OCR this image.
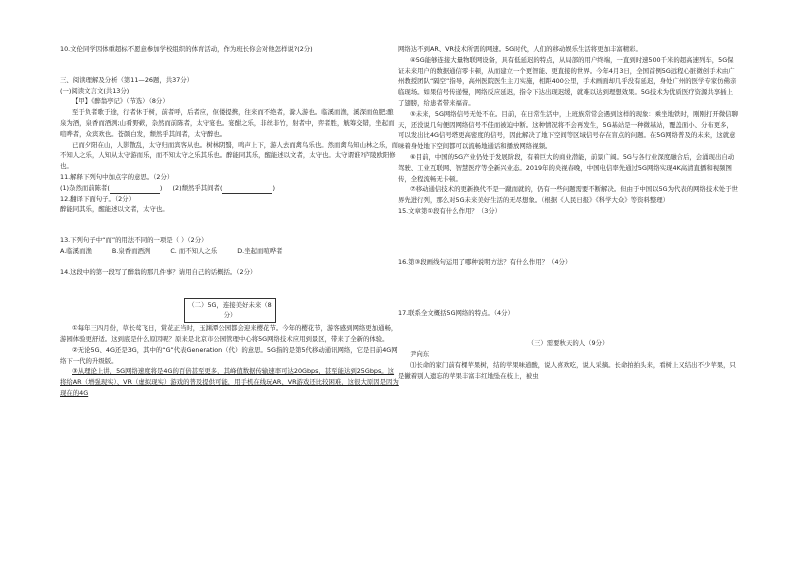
10.文伦同学因体重超标不愿意参加学校组织的体育活动，作为班长你会对他怎样说?(2分)

三、阅读理解及分析（第11—26题，共37分）

(一)阅读文言文(共13分)

【甲】《醉翁亭记》（节选）（8分）

至于负者歌于途，行者休于树，前者呼，后者应，伛偻提携，往来而不绝者，滁人游也。临溪而渔，溪深而鱼肥;酿泉为酒，泉香而酒洌;山肴野蔌，杂然而前陈者，太守宴也。宴酣之乐，非丝非竹，射者中，弈者胜，觥筹交错，坐起而喧哗者，众宾欢也。苍颜白发，颓然乎其间者，太守醉也。

已而夕阳在山，人影散乱，太守归而宾客从也。树林阴翳，鸣声上下，游人去而禽鸟乐也。然而禽鸟知山林之乐，而不知人之乐，人知从太守游而乐，而不知太守之乐其乐也。醉能同其乐，醒能述以文者，太守也。太守谓谁?庐陵欧阳修也。

11.解释下列句中加点字的意思。（2分）

(1)杂然而前陈者(	)     (2)颓然乎其间者(	)

12.翻译下面句子。（2分）

醉能同其乐，醒能述以文者，太守也。

13.下列句子中“而”的用法不同的一项是（ ）（2分）

A.临溪而渔	B.泉香而酒洌	C. 而不知人之乐	D.坐起而喧哗者

14.这段中的第一段写了醉翁的那几件事？请用自己的话概括。（2分）

（二）5G，连接美好未来（8分）

①每年三四月份，草长莺飞日，赏花正当时，玉渊潭公园都会迎来樱花节。今年的樱花节，游客感到网络更加通畅，游园体验更舒适。这到底是什么原因呢？原来是北京市公园管理中心将5G网络技术应用到景区，带来了全新的体验。

②无论5G、4G还是3G，其中的“G”代表Generation（代）的意思。5G指的是第5代移动通讯网络，它是目前4G网络下一代的升级版。

③从理论上讲，5G网络速度将是4G的百倍甚至更多，其峰值数据传输速率可达20Gbps，甚至能达到25Gbps。这将给AR（增强现实）、VR（虚拟现实）游戏的普及提供可能，用手机在线玩AR、VR游戏还比较困难，这很大原因是因为现在的4G

网络达不到AR、VR技术所需的网速。5G时代，人们的移动娱乐生活将更加丰富精彩。

④5G能够连接大量物联网设备，具有低延迟的特点，从局部的用户终端，一直到时速500千米的超高速列车，5G保证未来用户的数据通信零卡顿，从而建立一个更智能、更直接的世界。今年4月3日，全国首例5G远程心脏微创手术由广州教授团队“隔空”指导，高州医院医生主刀实施，相距400公里，手术画面却几乎没有延迟，身处广州的医学专家仿佛亲临现场。如果信号传递慢，网络反应延迟，指令下达出现迟缓，就难以达到理想效果。5G技术为优质医疗资源共享插上了翅膀，给患者带来福音。

⑤未来，5G网络信号无处不在。目前，在日常生活中，上班族常常会遇到这样的现象：乘坐地铁时，刚刚打开微信聊天，还没说几句便因网络信号不佳而被迫中断。这种情况将不会再发生，5G基站是一种微基站，覆盖面小、分布更多，可以发出比4G信号塔更高密度的信号，因此解决了地下空间等区域信号存在盲点的问题。在5G网络普及的未来，这就意味着身处地下空间都可以流畅地通话和播放网络视频。

⑥目前，中国的5G产业仍处于发展阶段，有着巨大的商业潜能，前景广阔。5G与各行业深度融合后，会涌现出自动驾驶、工业互联网、智慧医疗等全新兴业态。2019年的央视春晚，中国电信率先通过5G网络实现4K高清直播和视频图传，全程流畅无卡顿。

⑦移动通信技术的更新换代不是一蹴而就的，仍有一些问题需要不断解决。但由于中国以5G为代表的网络技术处于世界先进行列，那么对5G未来美好生活的无尽想象。（根据《人民日报》《科学大众》等资料整理）

15.文章第①段有什么作用？（3分）

16.第③段画线句运用了哪种说明方法？有什么作用？（4分）

17.联系全文概括5G网络的特点。（4分）

（三）需要秋天的人（9分）

尹向东

⑴长命的家门前有棵苹果树，结的苹果味道酸，说人喜欢吃，说人采摘。长命拍拍头来，看树上又结出不少苹果，只是撇着别人遗忘的苹果丰富丰红地坠在枝上，被虫
